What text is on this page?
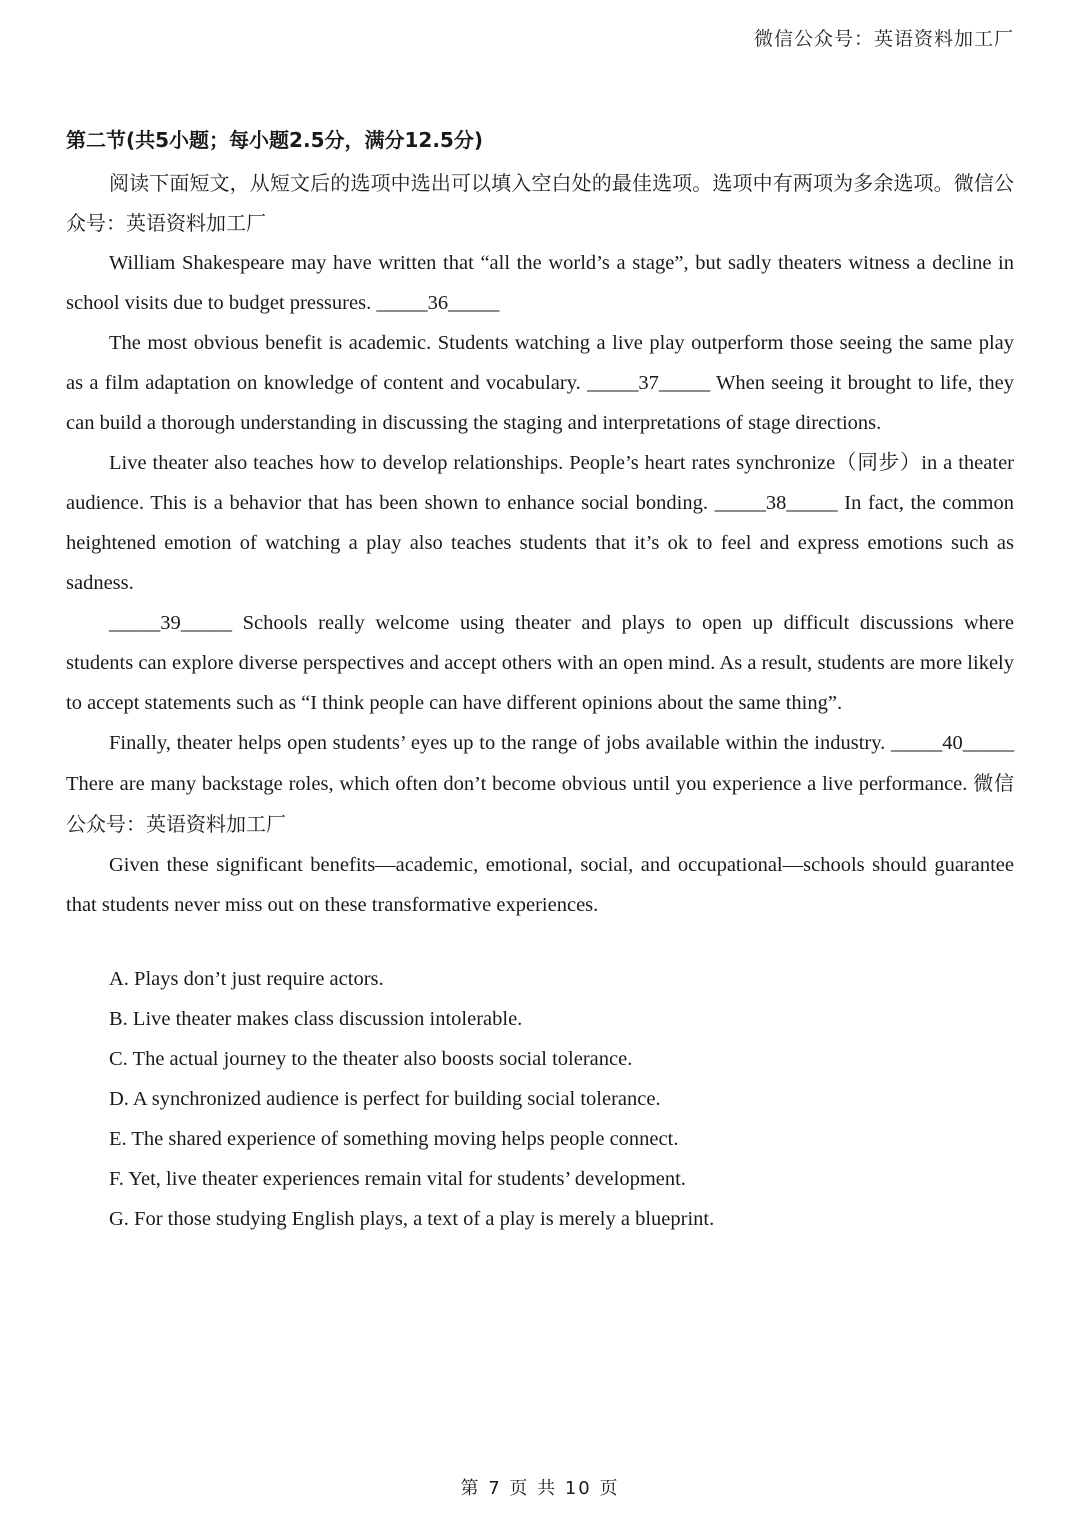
微信公众号：英语资料加工厂
第二节(共5小题；每小题2.5分，满分12.5分)

阅读下面短文，从短文后的选项中选出可以填入空白处的最佳选项。选项中有两项为多余选项。微信公众号：英语资料加工厂

William Shakespeare may have written that “all the world’s a stage”, but sadly theaters witness a decline in school visits due to budget pressures. _____36_____

The most obvious benefit is academic. Students watching a live play outperform those seeing the same play as a film adaptation on knowledge of content and vocabulary. _____37_____ When seeing it brought to life, they can build a thorough understanding in discussing the staging and interpretations of stage directions.

Live theater also teaches how to develop relationships. People’s heart rates synchronize（同步）in a theater audience. This is a behavior that has been shown to enhance social bonding. _____38_____ In fact, the common heightened emotion of watching a play also teaches students that it’s ok to feel and express emotions such as sadness.

_____39_____ Schools really welcome using theater and plays to open up difficult discussions where students can explore diverse perspectives and accept others with an open mind. As a result, students are more likely to accept statements such as “I think people can have different opinions about the same thing”.

Finally, theater helps open students’ eyes up to the range of jobs available within the industry. _____40_____ There are many backstage roles, which often don’t become obvious until you experience a live performance. 微信公众号：英语资料加工厂

Given these significant benefits—academic, emotional, social, and occupational—schools should guarantee that students never miss out on these transformative experiences.

A. Plays don’t just require actors.

B. Live theater makes class discussion intolerable.

C. The actual journey to the theater also boosts social tolerance.

D. A synchronized audience is perfect for building social tolerance.

E. The shared experience of something moving helps people connect.

F. Yet, live theater experiences remain vital for students’ development.

G. For those studying English plays, a text of a play is merely a blueprint.

第 7 页 共 10 页
